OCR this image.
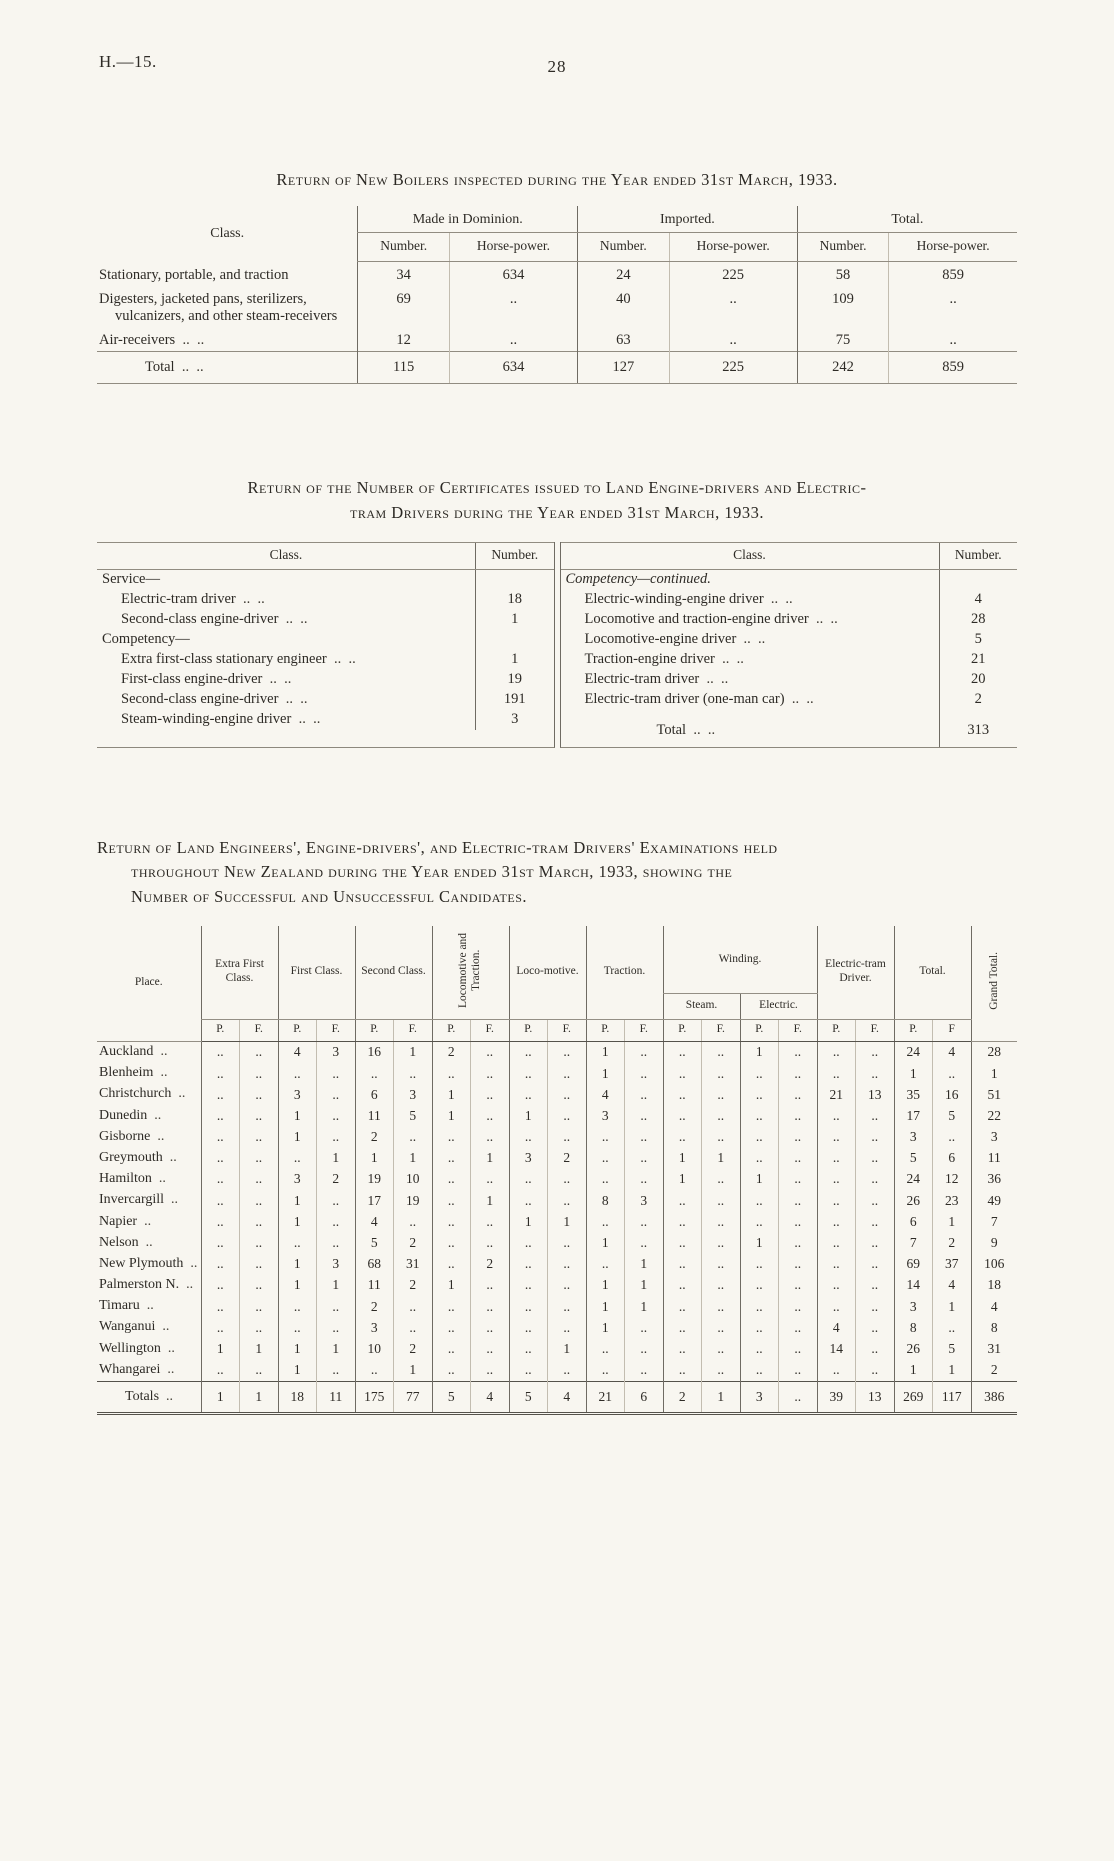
H.—15.	28
Return of New Boilers inspected during the Year ended 31st March, 1933.
Class.	Made in Dominion.		Imported.		Total.	
	Number.	Horse-power.	Number.	Horse-power.	Number.	Horse-power.
Stationary, portable, and traction	34	634	24	225	58	859
Digesters, jacketed pans, sterilizers, vulcanizers, and other steam-receivers	69	..	40	..	109	..
Air-receivers  ..  ..	12	..	63	..	75	..
Total  ..  ..	115	634	127	225	242	859
Return of the Number of Certificates issued to Land Engine-drivers and Electric-
tram Drivers during the Year ended 31st March, 1933.
Class.	Number.
Service—	
Electric-tram driver  ..  ..	18
Second-class engine-driver  ..  ..	1
Competency—	
Extra first-class stationary engineer  ..  ..	1
First-class engine-driver  ..  ..	19
Second-class engine-driver  ..  ..	191
Steam-winding-engine driver  ..  ..	3
Class.	Number.
Competency—continued.	
Electric-winding-engine driver  ..  ..	4
Locomotive and traction-engine driver  ..  ..	28
Locomotive-engine driver  ..  ..	5
Traction-engine driver  ..  ..	21
Electric-tram driver  ..  ..	20
Electric-tram driver (one-man car)  ..  ..	2
Total  ..  ..	313
Return of Land Engineers', Engine-drivers', and Electric-tram Drivers' Examinations held
throughout New Zealand during the Year ended 31st March, 1933, showing the
Number of Successful and Unsuccessful Candidates.
Place.	Extra First Class.		First Class.		Second Class.		Locomotive and Traction.		Loco-motive.		Traction.		Winding.				Electric-tram Driver.		Total.		Grand Total.
													Steam.		Electric.						
	P.	F.	P.	F.	P.	F.	P.	F.	P.	F.	P.	F.	P.	F.	P.	F.	P.	F.	P.	F	
Auckland  ..	..	..	4	3	16	1	2	..	..	..	1	..	..	..	1	..	..	..	24	4	28
Blenheim  ..	..	..	..	..	..	..	..	..	..	..	1	..	..	..	..	..	..	..	1	..	1
Christchurch  ..	..	..	3	..	6	3	1	..	..	..	4	..	..	..	..	..	21	13	35	16	51
Dunedin  ..	..	..	1	..	11	5	1	..	1	..	3	..	..	..	..	..	..	..	17	5	22
Gisborne  ..	..	..	1	..	2	..	..	..	..	..	..	..	..	..	..	..	..	..	3	..	3
Greymouth  ..	..	..	..	1	1	1	..	1	3	2	..	..	1	1	..	..	..	..	5	6	11
Hamilton  ..	..	..	3	2	19	10	..	..	..	..	..	..	1	..	1	..	..	..	24	12	36
Invercargill  ..	..	..	1	..	17	19	..	1	..	..	8	3	..	..	..	..	..	..	26	23	49
Napier  ..	..	..	1	..	4	..	..	..	1	1	..	..	..	..	..	..	..	..	6	1	7
Nelson  ..	..	..	..	..	5	2	..	..	..	..	1	..	..	..	1	..	..	..	7	2	9
New Plymouth  ..	..	..	1	3	68	31	..	2	..	..	..	1	..	..	..	..	..	..	69	37	106
Palmerston N.  ..	..	..	1	1	11	2	1	..	..	..	1	1	..	..	..	..	..	..	14	4	18
Timaru  ..	..	..	..	..	2	..	..	..	..	..	1	1	..	..	..	..	..	..	3	1	4
Wanganui  ..	..	..	..	..	3	..	..	..	..	..	1	..	..	..	..	..	4	..	8	..	8
Wellington  ..	1	1	1	1	10	2	..	..	..	1	..	..	..	..	..	..	14	..	26	5	31
Whangarei  ..	..	..	1	..	..	1	..	..	..	..	..	..	..	..	..	..	..	..	1	1	2
Totals  ..	1	1	18	11	175	77	5	4	5	4	21	6	2	1	3	..	39	13	269	117	386
